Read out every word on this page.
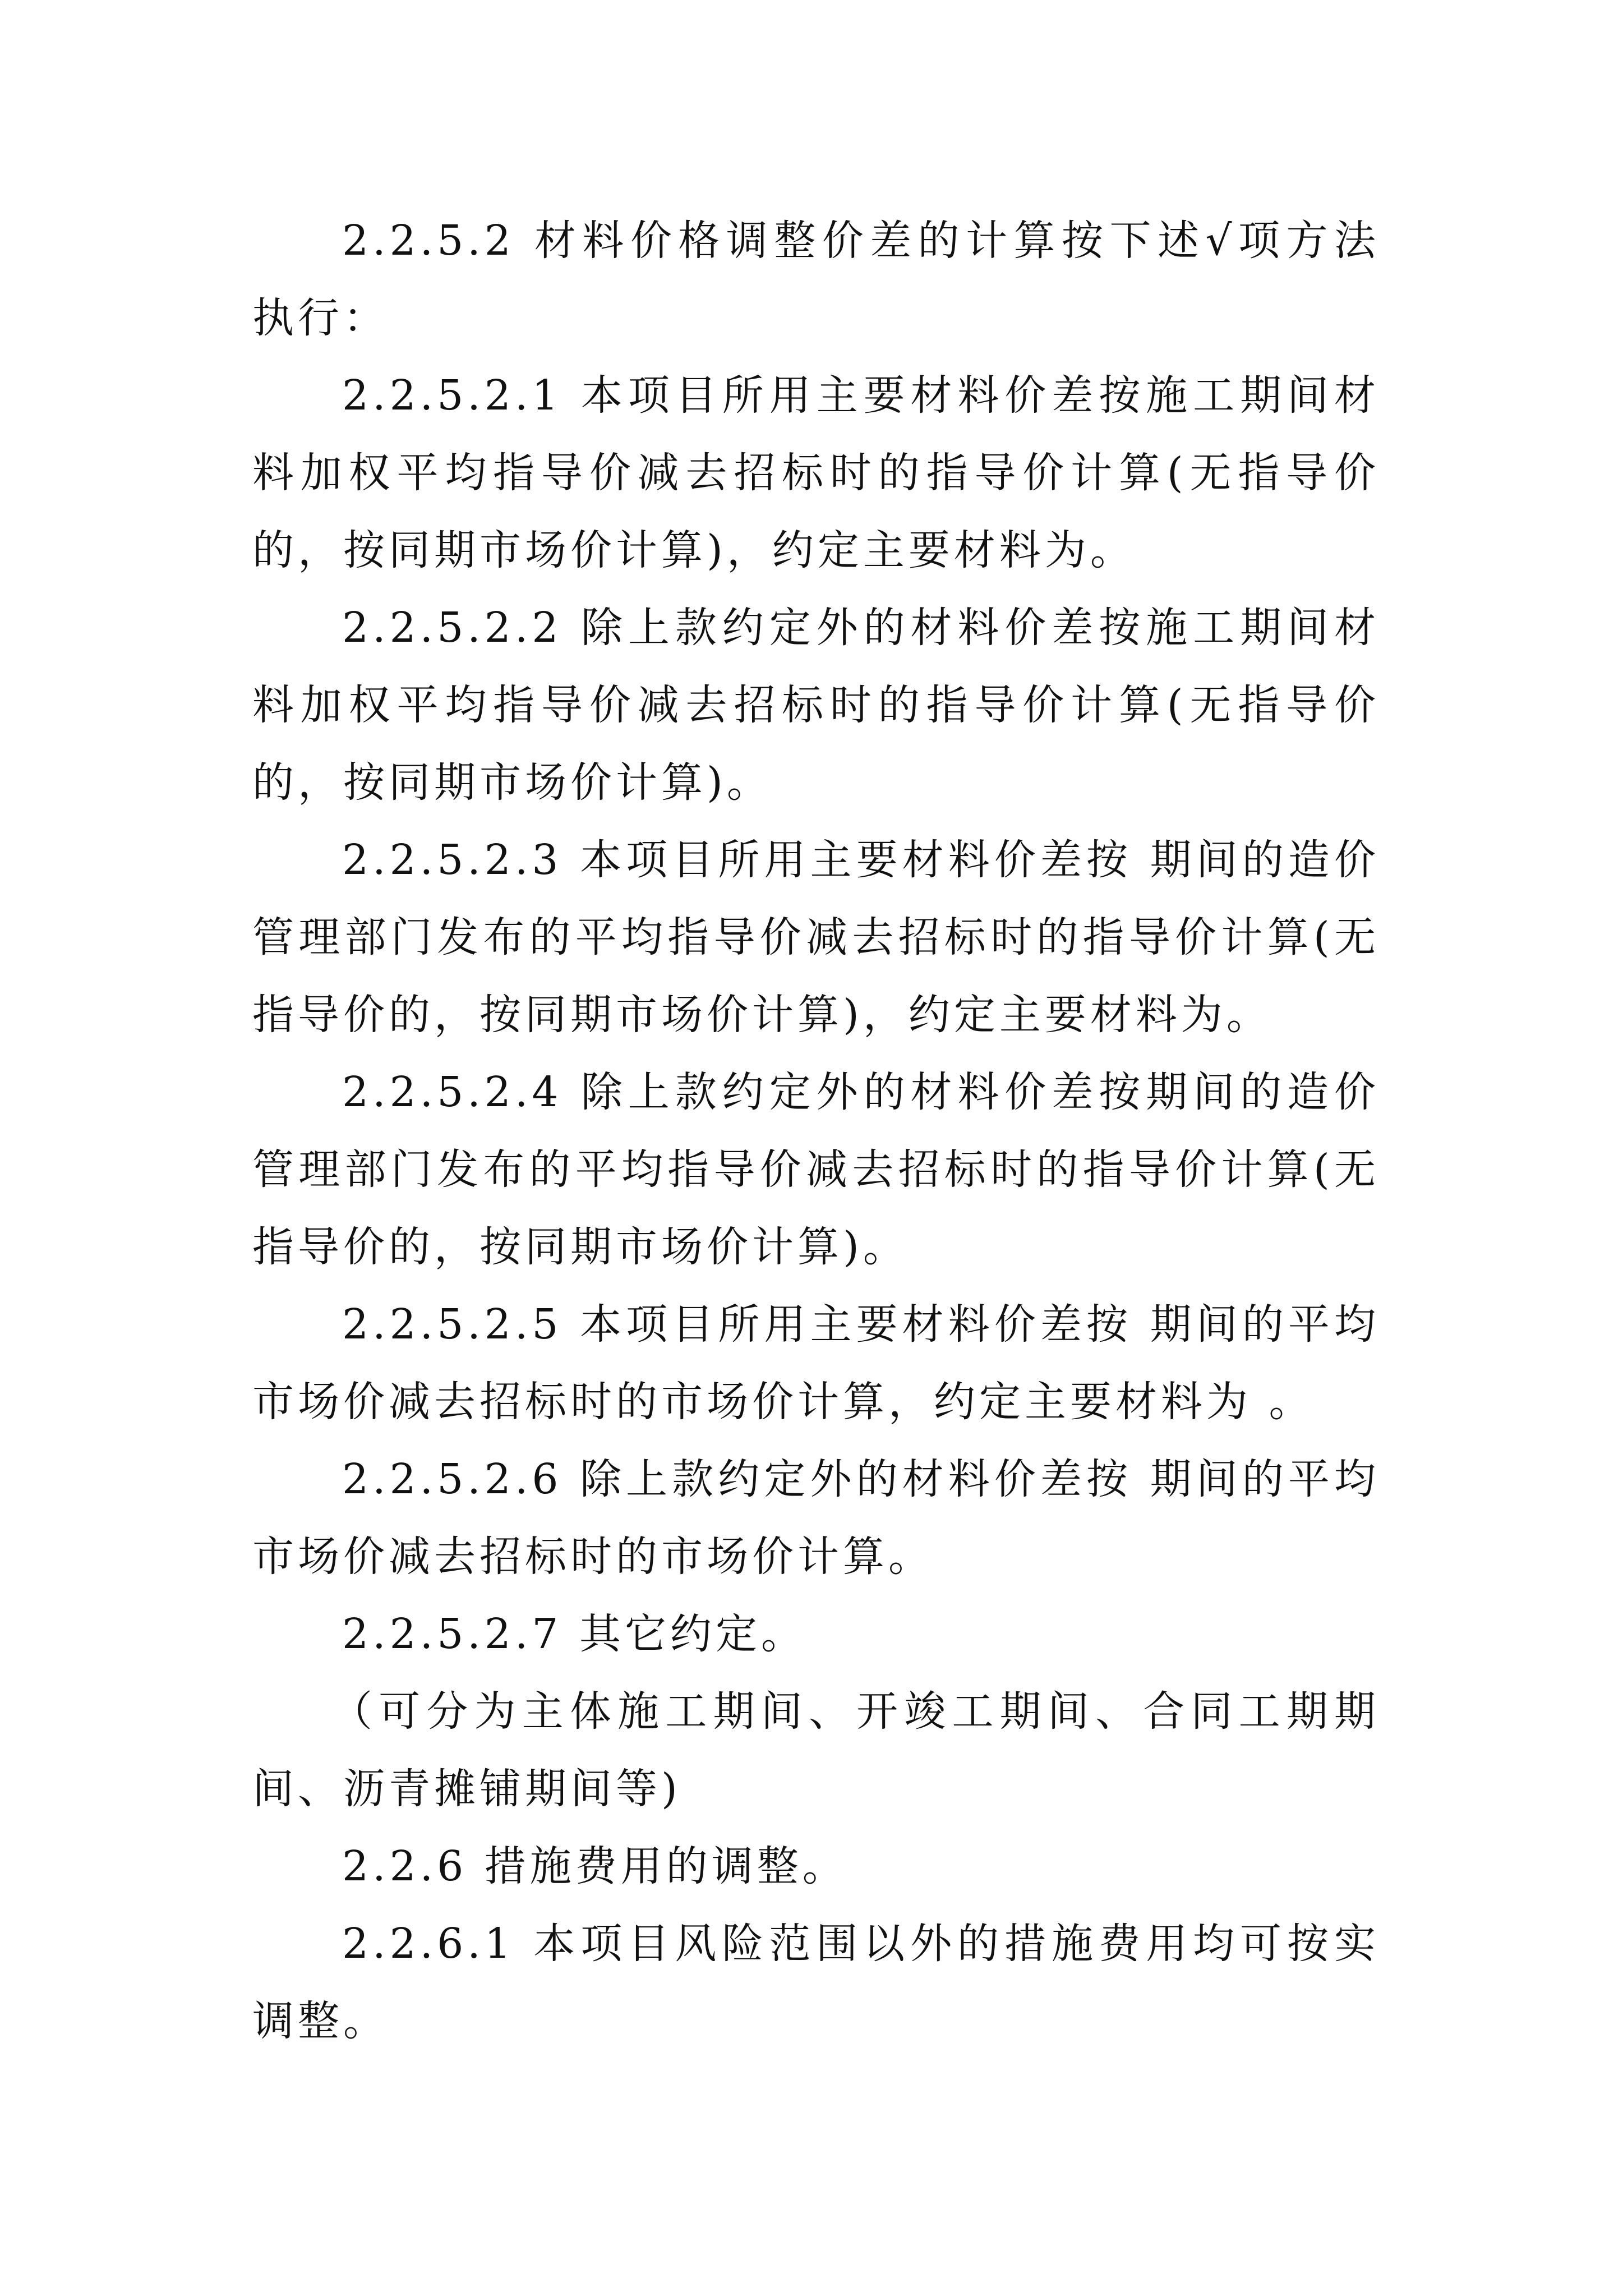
2.2.5.2 材料价格调整价差的计算按下述√项方法执行：

2.2.5.2.1 本项目所用主要材料价差按施工期间材料加权平均指导价减去招标时的指导价计算(无指导价的，按同期市场价计算)，约定主要材料为。

2.2.5.2.2 除上款约定外的材料价差按施工期间材料加权平均指导价减去招标时的指导价计算(无指导价的，按同期市场价计算)。

2.2.5.2.3 本项目所用主要材料价差按 期间的造价管理部门发布的平均指导价减去招标时的指导价计算(无指导价的，按同期市场价计算)，约定主要材料为。

2.2.5.2.4 除上款约定外的材料价差按期间的造价管理部门发布的平均指导价减去招标时的指导价计算(无指导价的，按同期市场价计算)。

2.2.5.2.5 本项目所用主要材料价差按 期间的平均市场价减去招标时的市场价计算，约定主要材料为 。

2.2.5.2.6 除上款约定外的材料价差按 期间的平均市场价减去招标时的市场价计算。

2.2.5.2.7 其它约定。

（可分为主体施工期间、开竣工期间、合同工期期间、沥青摊铺期间等)

2.2.6 措施费用的调整。

2.2.6.1 本项目风险范围以外的措施费用均可按实调整。
